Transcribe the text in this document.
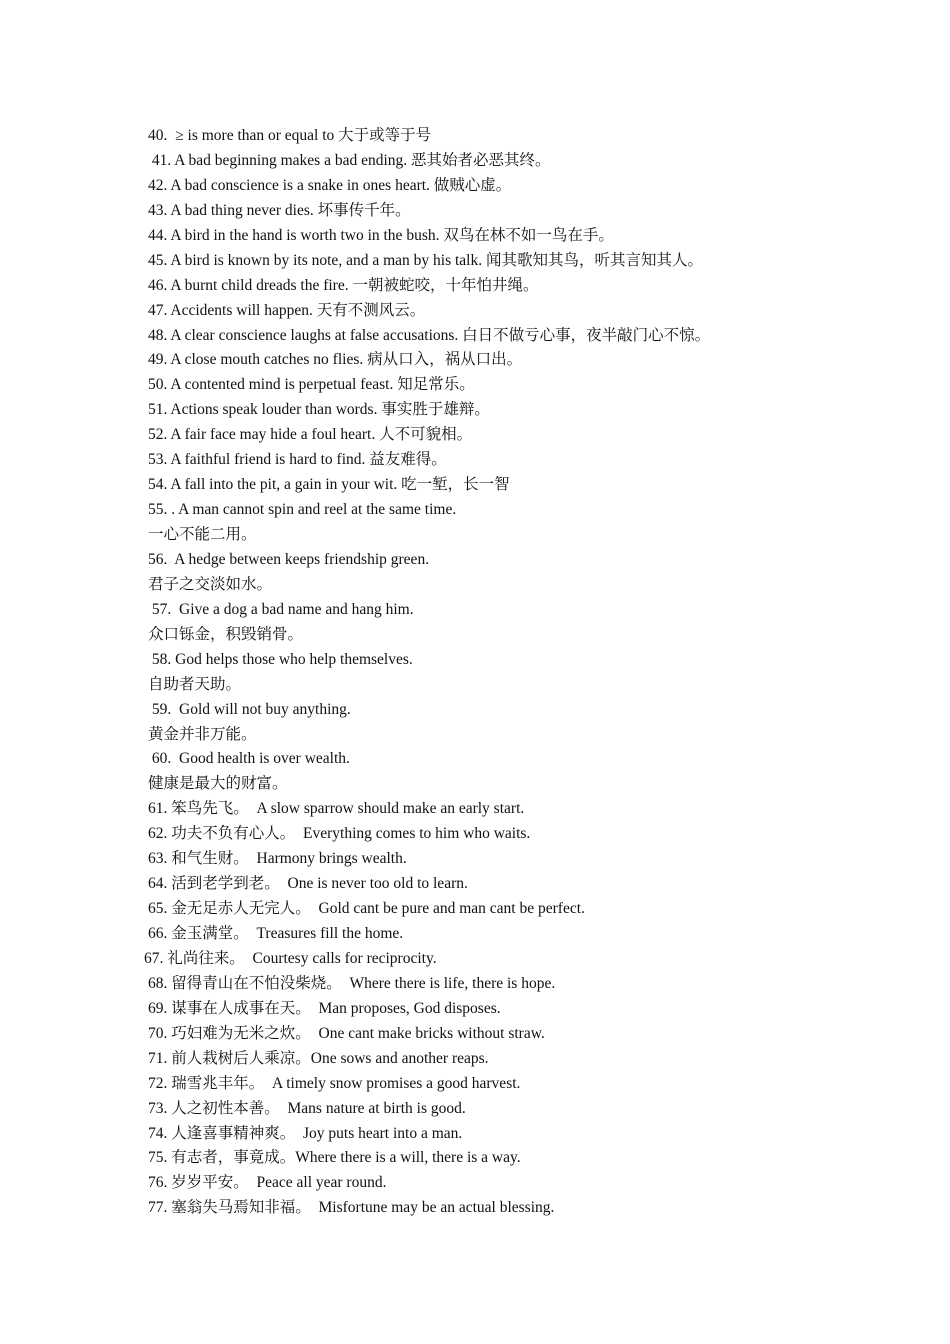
40.  ≥ is more than or equal to 大于或等于号
41. A bad beginning makes a bad ending. 恶其始者必恶其终。
42. A bad conscience is a snake in ones heart. 做贼心虚。
43. A bad thing never dies. 坏事传千年。
44. A bird in the hand is worth two in the bush. 双鸟在林不如一鸟在手。
45. A bird is known by its note, and a man by his talk. 闻其歌知其鸟，听其言知其人。
46. A burnt child dreads the fire. 一朝被蛇咬，十年怕井绳。
47. Accidents will happen. 天有不测风云。
48. A clear conscience laughs at false accusations. 白日不做亏心事，夜半敲门心不惊。
49. A close mouth catches no flies. 病从口入，祸从口出。
50. A contented mind is perpetual feast. 知足常乐。
51. Actions speak louder than words. 事实胜于雄辩。
52. A fair face may hide a foul heart. 人不可貌相。
53. A faithful friend is hard to find. 益友难得。
54. A fall into the pit, a gain in your wit. 吃一堑，长一智
55. . A man cannot spin and reel at the same time.
一心不能二用。
56.  A hedge between keeps friendship green.
君子之交淡如水。
57.  Give a dog a bad name and hang him.
众口铄金，积毁销骨。
58. God helps those who help themselves.
自助者天助。
59.  Gold will not buy anything.
黄金并非万能。
60.  Good health is over wealth.
健康是最大的财富。
61. 笨鸟先飞。  A slow sparrow should make an early start.
62. 功夫不负有心人。  Everything comes to him who waits.
63. 和气生财。  Harmony brings wealth.
64. 活到老学到老。  One is never too old to learn.
65. 金无足赤人无完人。  Gold cant be pure and man cant be perfect.
66. 金玉满堂。  Treasures fill the home.
67. 礼尚往来。  Courtesy calls for reciprocity.
68. 留得青山在不怕没柴烧。  Where there is life, there is hope.
69. 谋事在人成事在天。  Man proposes, God disposes.
70. 巧妇难为无米之炊。  One cant make bricks without straw.
71. 前人栽树后人乘凉。One sows and another reaps.
72. 瑞雪兆丰年。  A timely snow promises a good harvest.
73. 人之初性本善。  Mans nature at birth is good.
74. 人逢喜事精神爽。  Joy puts heart into a man.
75. 有志者，事竟成。Where there is a will, there is a way.
76. 岁岁平安。  Peace all year round.
77. 塞翁失马焉知非福。  Misfortune may be an actual blessing.
